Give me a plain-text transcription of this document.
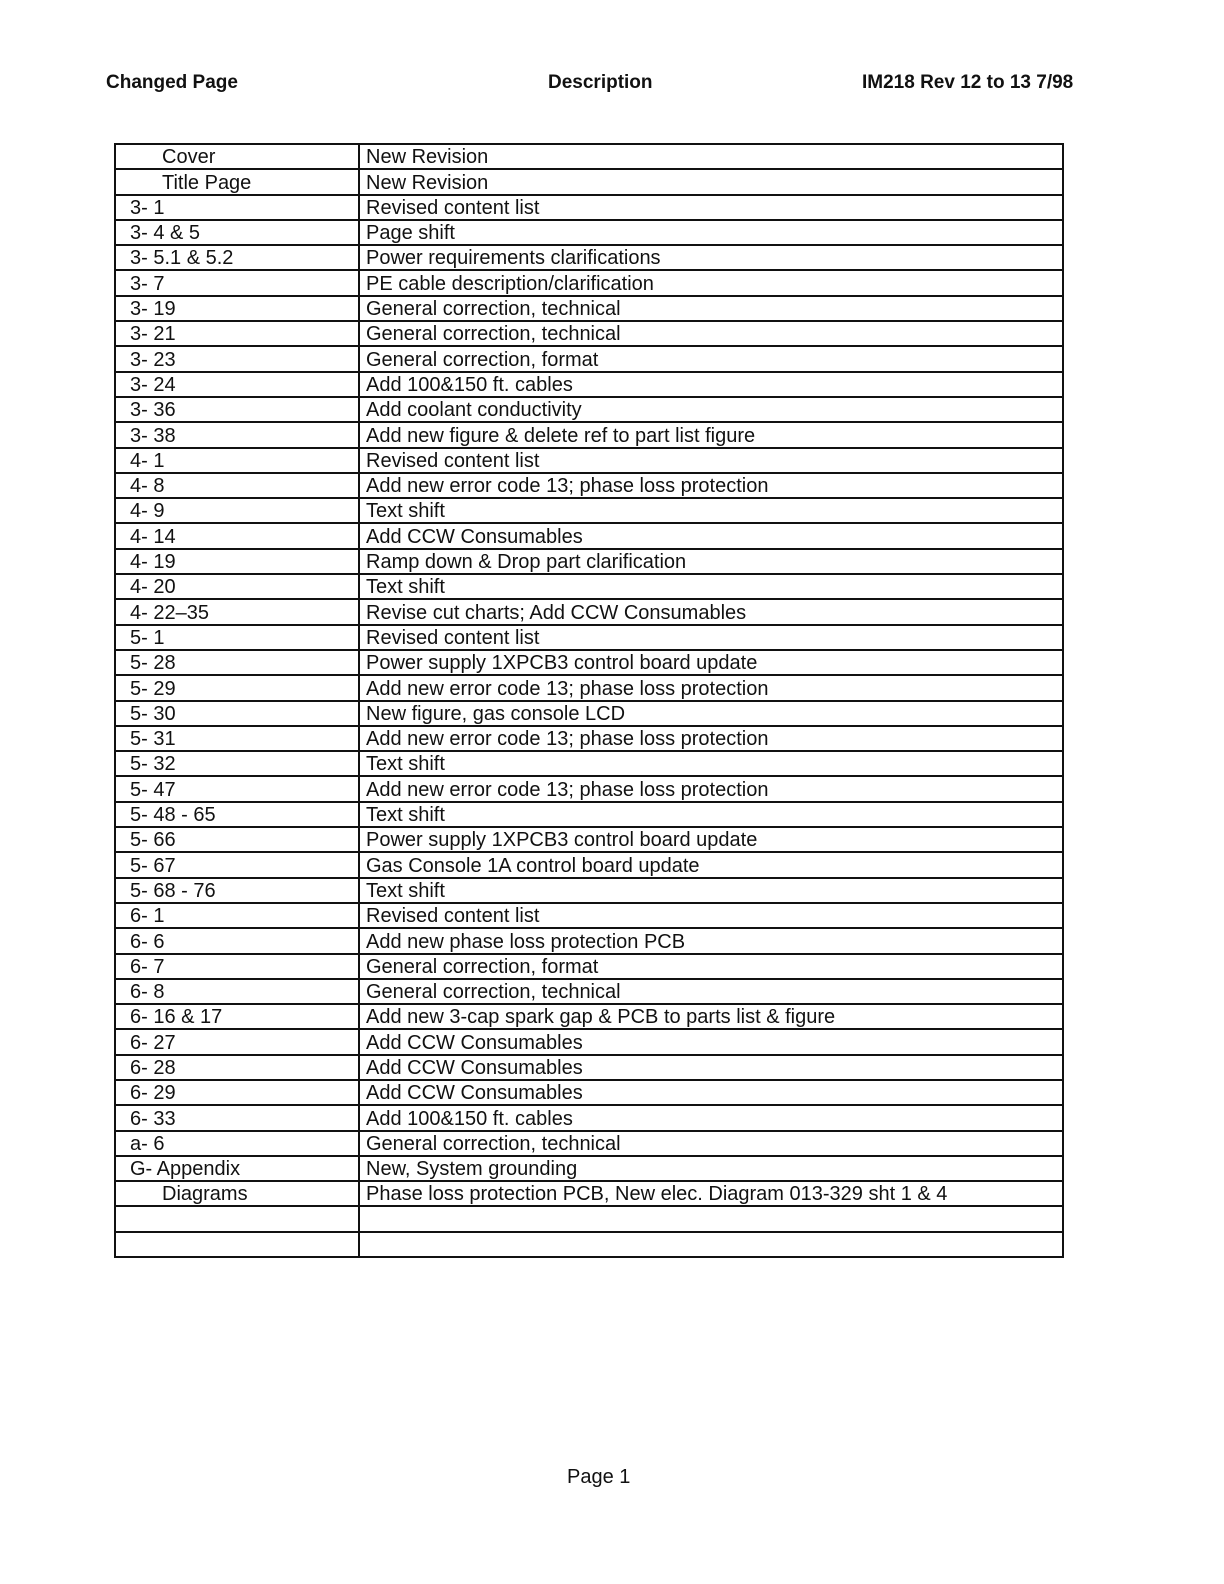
Changed Page	Description	IM218 Rev 12 to 13 7/98
Cover	New Revision
Title Page	New Revision
3- 1	Revised content list
3- 4 & 5	Page shift
3- 5.1 & 5.2	Power requirements clarifications
3- 7	PE cable description/clarification
3- 19	General correction, technical
3- 21	General correction, technical
3- 23	General correction, format
3- 24	Add 100&150 ft. cables
3- 36	Add coolant conductivity
3- 38	Add new figure & delete ref to part list figure
4- 1	Revised content list
4- 8	Add new error code 13; phase loss protection
4- 9	Text shift
4- 14	Add CCW Consumables
4- 19	Ramp down & Drop part clarification
4- 20	Text shift
4- 22–35	Revise cut charts; Add CCW Consumables
5- 1	Revised content list
5- 28	Power supply 1XPCB3 control board update
5- 29	Add new error code 13; phase loss protection
5- 30	New figure, gas console LCD
5- 31	Add new error code 13; phase loss protection
5- 32	Text shift
5- 47	Add new error code 13; phase loss protection
5- 48 - 65	Text shift
5- 66	Power supply 1XPCB3 control board update
5- 67	Gas Console 1A control board update
5- 68 - 76	Text shift
6- 1	Revised content list
6- 6	Add new phase loss protection PCB
6- 7	General correction, format
6- 8	General correction, technical
6- 16 & 17	Add new 3-cap spark gap & PCB to parts list & figure
6- 27	Add CCW Consumables
6- 28	Add CCW Consumables
6- 29	Add CCW Consumables
6- 33	Add 100&150 ft. cables
a- 6	General correction, technical
G- Appendix	New, System grounding
Diagrams	Phase loss protection PCB, New elec. Diagram 013-329 sht 1 & 4

Page 1
